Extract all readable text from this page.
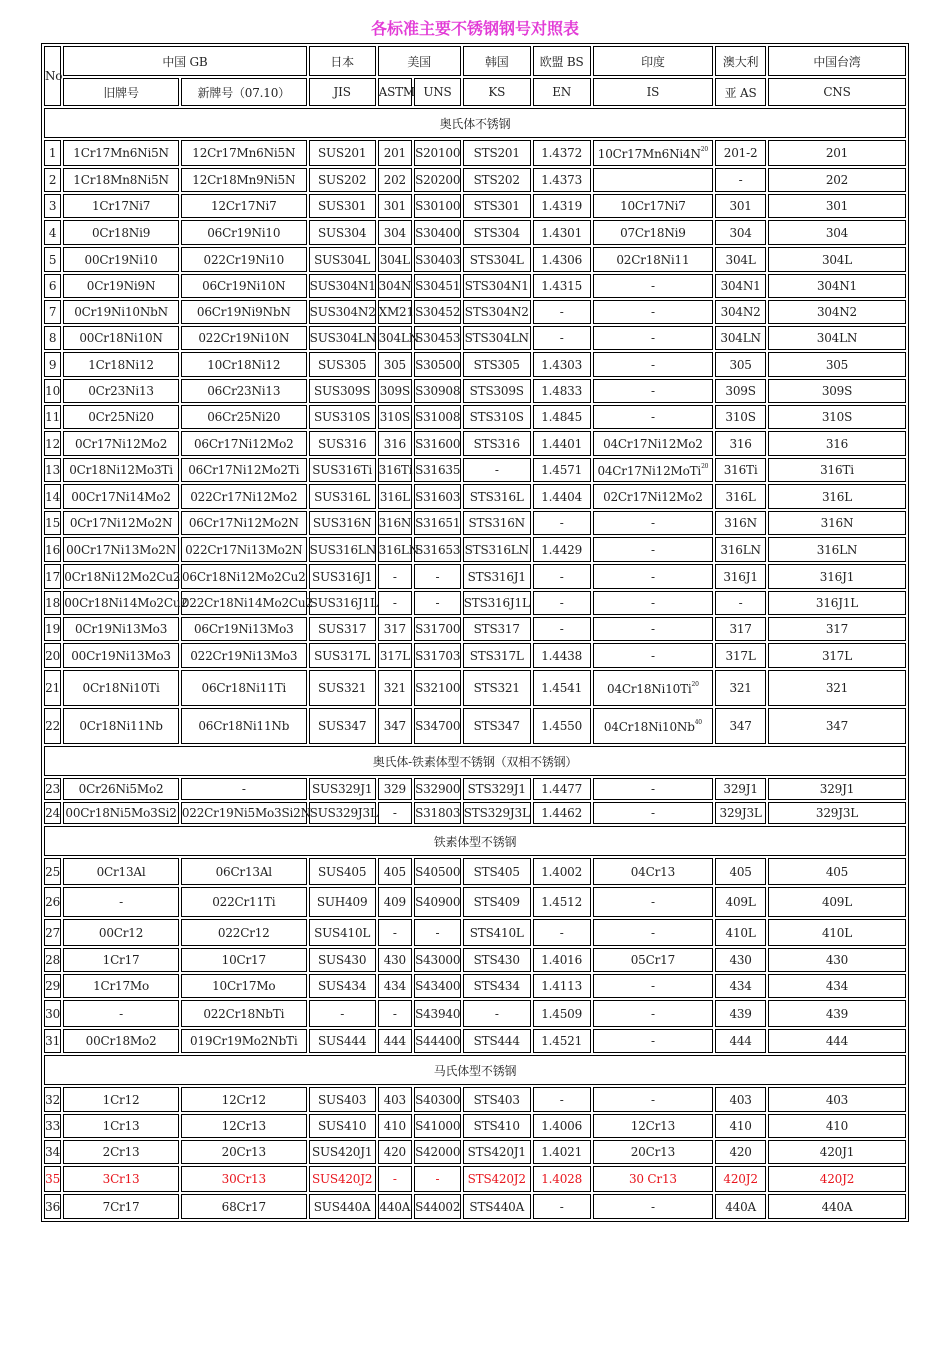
各标准主要不锈钢钢号对照表
No	中国 GB		日本	美国		韩国	欧盟 BS	印度	澳大利	中国台湾
	旧牌号	新牌号（07.10）	JIS	ASTM	UNS	KS	EN	IS	亚 AS	CNS
奥氏体不锈钢										
1	1Cr17Mn6Ni5N	12Cr17Mn6Ni5N	SUS201	201	S20100	STS201	1.4372	$10Cr17Mn6Ni4N^{20}$	201-2	201
2	1Cr18Mn8Ni5N	12Cr18Mn9Ni5N	SUS202	202	S20200	STS202	1.4373		-	202
3	1Cr17Ni7	12Cr17Ni7	SUS301	301	S30100	STS301	1.4319	10Cr17Ni7	301	301
4	0Cr18Ni9	06Cr19Ni10	SUS304	304	S30400	STS304	1.4301	07Cr18Ni9	304	304
5	00Cr19Ni10	022Cr19Ni10	SUS304L	304L	S30403	STS304L	1.4306	02Cr18Ni11	304L	304L
6	0Cr19Ni9N	06Cr19Ni10N	SUS304N1	304N	S30451	STS304N1	1.4315	-	304N1	304N1
7	0Cr19Ni10NbN	06Cr19Ni9NbN	SUS304N2	XM21	S30452	STS304N2	-	-	304N2	304N2
8	00Cr18Ni10N	022Cr19Ni10N	SUS304LN	304LN	S30453	STS304LN	-	-	304LN	304LN
9	1Cr18Ni12	10Cr18Ni12	SUS305	305	S30500	STS305	1.4303	-	305	305
10	0Cr23Ni13	06Cr23Ni13	SUS309S	309S	S30908	STS309S	1.4833	-	309S	309S
11	0Cr25Ni20	06Cr25Ni20	SUS310S	310S	S31008	STS310S	1.4845	-	310S	310S
12	0Cr17Ni12Mo2	06Cr17Ni12Mo2	SUS316	316	S31600	STS316	1.4401	04Cr17Ni12Mo2	316	316
13	0Cr18Ni12Mo3Ti	06Cr17Ni12Mo2Ti	SUS316Ti	316Ti	S31635	-	1.4571	04Cr17Ni12MoTi$^{20}$	316Ti	316Ti
14	00Cr17Ni14Mo2	022Cr17Ni12Mo2	SUS316L	316L	S31603	STS316L	1.4404	02Cr17Ni12Mo2	316L	316L
15	0Cr17Ni12Mo2N	06Cr17Ni12Mo2N	SUS316N	316N	S31651	STS316N	-	-	316N	316N
16	00Cr17Ni13Mo2N	022Cr17Ni13Mo2N	SUS316LN	316LN	S31653	STS316LN	1.4429	-	316LN	316LN
17	0Cr18Ni12Mo2Cu2	06Cr18Ni12Mo2Cu2	SUS316J1	-	-	STS316J1	-	-	316J1	316J1
18	00Cr18Ni14Mo2Cu2	022Cr18Ni14Mo2Cu2	SUS316J1L	-	-	STS316J1L	-	-	-	316J1L
19	0Cr19Ni13Mo3	06Cr19Ni13Mo3	SUS317	317	S31700	STS317	-	-	317	317
20	00Cr19Ni13Mo3	022Cr19Ni13Mo3	SUS317L	317L	S31703	STS317L	1.4438	-	317L	317L
21	0Cr18Ni10Ti	06Cr18Ni11Ti	SUS321	321	S32100	STS321	1.4541	04Cr18Ni10Ti$^{20}$	321	321
22	0Cr18Ni11Nb	06Cr18Ni11Nb	SUS347	347	S34700	STS347	1.4550	04Cr18Ni10Nb$^{40}$	347	347
奥氏体-铁素体型不锈钢（双相不锈钢）										
23	0Cr26Ni5Mo2	-	SUS329J1	329	S32900	STS329J1	1.4477	-	329J1	329J1
24	00Cr18Ni5Mo3Si2	022Cr19Ni5Mo3Si2N	SUS329J3L	-	S31803	STS329J3L	1.4462	-	329J3L	329J3L
铁素体型不锈钢										
25	0Cr13Al	06Cr13Al	SUS405	405	S40500	STS405	1.4002	04Cr13	405	405
26	-	022Cr11Ti	SUH409	409	S40900	STS409	1.4512	-	409L	409L
27	00Cr12	022Cr12	SUS410L	-	-	STS410L	-	-	410L	410L
28	1Cr17	10Cr17	SUS430	430	S43000	STS430	1.4016	05Cr17	430	430
29	1Cr17Mo	10Cr17Mo	SUS434	434	S43400	STS434	1.4113	-	434	434
30	-	022Cr18NbTi	-	-	S43940	-	1.4509	-	439	439
31	00Cr18Mo2	019Cr19Mo2NbTi	SUS444	444	S44400	STS444	1.4521	-	444	444
马氏体型不锈钢										
32	1Cr12	12Cr12	SUS403	403	S40300	STS403	-	-	403	403
33	1Cr13	12Cr13	SUS410	410	S41000	STS410	1.4006	12Cr13	410	410
34	2Cr13	20Cr13	SUS420J1	420	S42000	STS420J1	1.4021	20Cr13	420	420J1
35	3Cr13	30Cr13	SUS420J2	-	-	STS420J2	1.4028	30 Cr13	420J2	420J2
36	7Cr17	68Cr17	SUS440A	440A	S44002	STS440A	-	-	440A	440A
